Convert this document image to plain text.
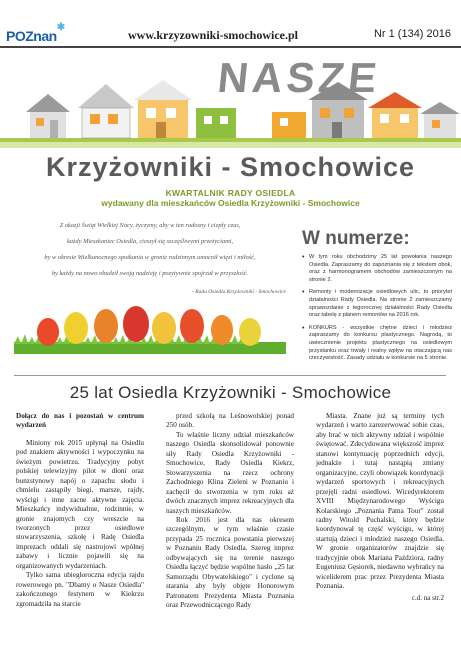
POZnan
✱
www.krzyzowniki-smochowice.pl	Nr 1 (134) 2016
NASZE
Krzyżowniki - Smochowice
KWARTALNIK RADY OSIEDLA
wydawany dla mieszkańców Osiedla Krzyżowniki - Smochowice

Z okazji Świąt Wielkiej Nocy, życzymy, aby w ten radosny i ciepły czas,

każdy Mieszkaniec Osiedla, cieszył się szczęśliwymi przeżyciami,

by w okresie Wielkanocnego spotkania w gronie rodzinnym umocnił więzi i miłość,

by każdy na nowo obudził swoją nadzieję i pozytywnie spojrzał w przyszłość.

- Rada Osiedla Krzyżowniki - Smochowice

W numerze:
• W tym roku obchodzimy 25 lat powołania naszego Osiedla. Zapraszamy do zapoznania się z tekstem obok, oraz z harmonogramem obchodów zamieszczonym na stronie 2.
• Remonty i modernizacje osiedlowych ulic, to priorytet działalności Rady Osiedla. Na stronie 2 zamieszczamy sprawozdanie z tegorocznej działalności Rady Osiedla oraz tabelę z planem remontów na 2016 rok.
• KONKURS - wszystkie chętne dzieci i młodzież zapraszamy do konkursu plastycznego. Nagrodą, to uwiecznienie projektu plastycznego na osiedlowym przystanku oraz trwały i realny wpływ na otaczającą nas rzeczywistość. Zasady udziału w konkursie na 5 stronie.
25 lat Osiedla Krzyżowniki - Smochowice

Dołącz do nas i pozostań w centrum wydarzeń

Miniony rok 2015 upłynął na Osiedlu pod znakiem aktywności i wypoczynku na świeżym powietrzu. Tradycyjny pobyt polskiej telewizyjny pilot w dłoni oraz bunzstynowy napój o zapachu słodu i chmielu zastąpiły biegi, marsze, rajdy, wyścigi i inne zacne aktywne zajęcia. Mieszkańcy indywidualnie, rodzinnie, w gronie znajomych czy wreszcie na tworzonych przez osiedlowe stowarzyszenia, szkołę i Radę Osiedla imprezach oddali się nastrojowi wpółnej zabawy i licznie pojawili się na organizowanych wydarzeniach.

Tylko sama ubiegłoroczna edycja rajdu rowerowego pn. "Dbamy o Nasze Osiedla" zakończonego festynem w Kiekrzu zgromadziła na starcie

przed szkołą na Leśnowolskiej ponad 250 osób.

To właśnie liczny udział mieszkańców naszego Osiedla skonsolidował ponownie siły Rady Osiedla Krzyżowniki - Smochowice, Rady Osiedla Kiekrz, Stowarzyszenia na rzecz ochrony Zachodniego Klina Zieleni w Poznaniu i zachęcił do stworzenia w tym roku aż dwóch znacznych imprez rekreacyjnych dla naszych mieszkańców.

Rok 2016 jest dla nas okresem szczególnym, w tym właśnie czasie przypada 25 rocznica powstania pierwszej w Poznaniu Rady Osiedla. Szereg imprez odbywających się na terenie naszego Osiedla łączyć będzie wspólne hasło „25 lat Samorządu Obywatelskiego" i cyclone są starania aby były objęte Honorowym Patronatem Prezydenta Miasta Poznania oraz Przewodniczącego Rady

Miasta. Znane już są terminy tych wydarzeń i warto zarezerwować sobie czas, aby brać w nich aktywny udział i wspólnie świętować. Zdecydowana większość imprez stanowi kontynuację poprzednich edycji, jednakże i tutaj nastąpią zmiany organizacyjne, czyli obowiązek koordynacji wydarzeń sportowych i rekreacyjnych przejęli radni osiedlowi. Wicedyrektorem XVIII Międzynarodowego Wyścigu Kolarskiego „Poznania Pama Tour" został radny Witold Puchalski, który będzie koordynował tę część wyścigu, w której startują dzieci i młodzież naszego Osiedla. W gronie organizatorów znajdzie się tradycyjnie obok Mariana Paździora, radny Eugeniusz Gęsiorek, niedawno wybrańcy na wiceliderem prac przez Prezydenta Miasta Poznania.

c.d. na str.2
